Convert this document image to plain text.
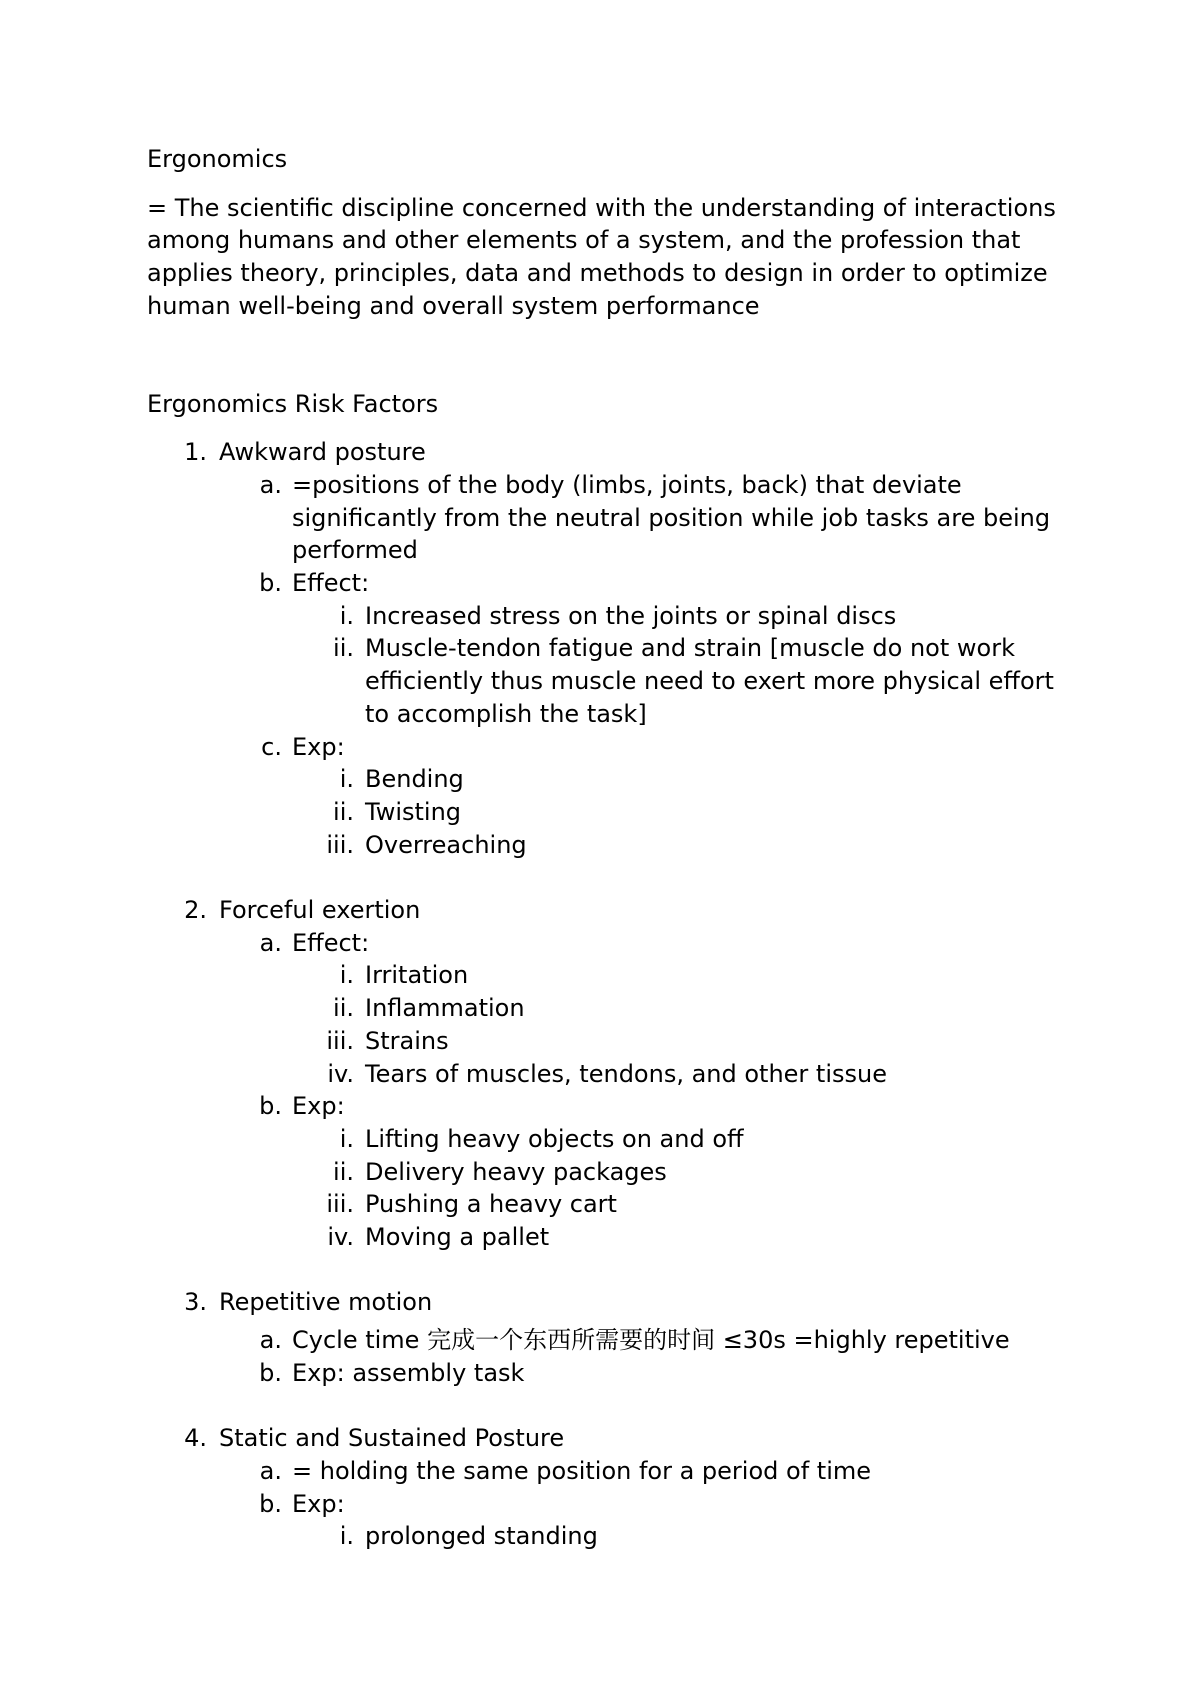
Ergonomics

= The scientific discipline concerned with the understanding of interactions among humans and other elements of a system, and the profession that applies theory, principles, data and methods to design in order to optimize human well-being and overall system performance

Ergonomics Risk Factors

1. Awkward posture
a. =positions of the body (limbs, joints, back) that deviate significantly from the neutral position while job tasks are being performed
b. Effect:
i. Increased stress on the joints or spinal discs
ii. Muscle-tendon fatigue and strain [muscle do not work efficiently thus muscle need to exert more physical effort to accomplish the task]
c. Exp:
i. Bending
ii. Twisting
iii. Overreaching
2. Forceful exertion
a. Effect:
i. Irritation
ii. Inflammation
iii. Strains
iv. Tears of muscles, tendons, and other tissue
b. Exp:
i. Lifting heavy objects on and off
ii. Delivery heavy packages
iii. Pushing a heavy cart
iv. Moving a pallet
3. Repetitive motion
a. Cycle time 完成一个东西所需要的时间 ≤30s =highly repetitive
b. Exp: assembly task
4. Static and Sustained Posture
a. = holding the same position for a period of time
b. Exp:
i. prolonged standing
